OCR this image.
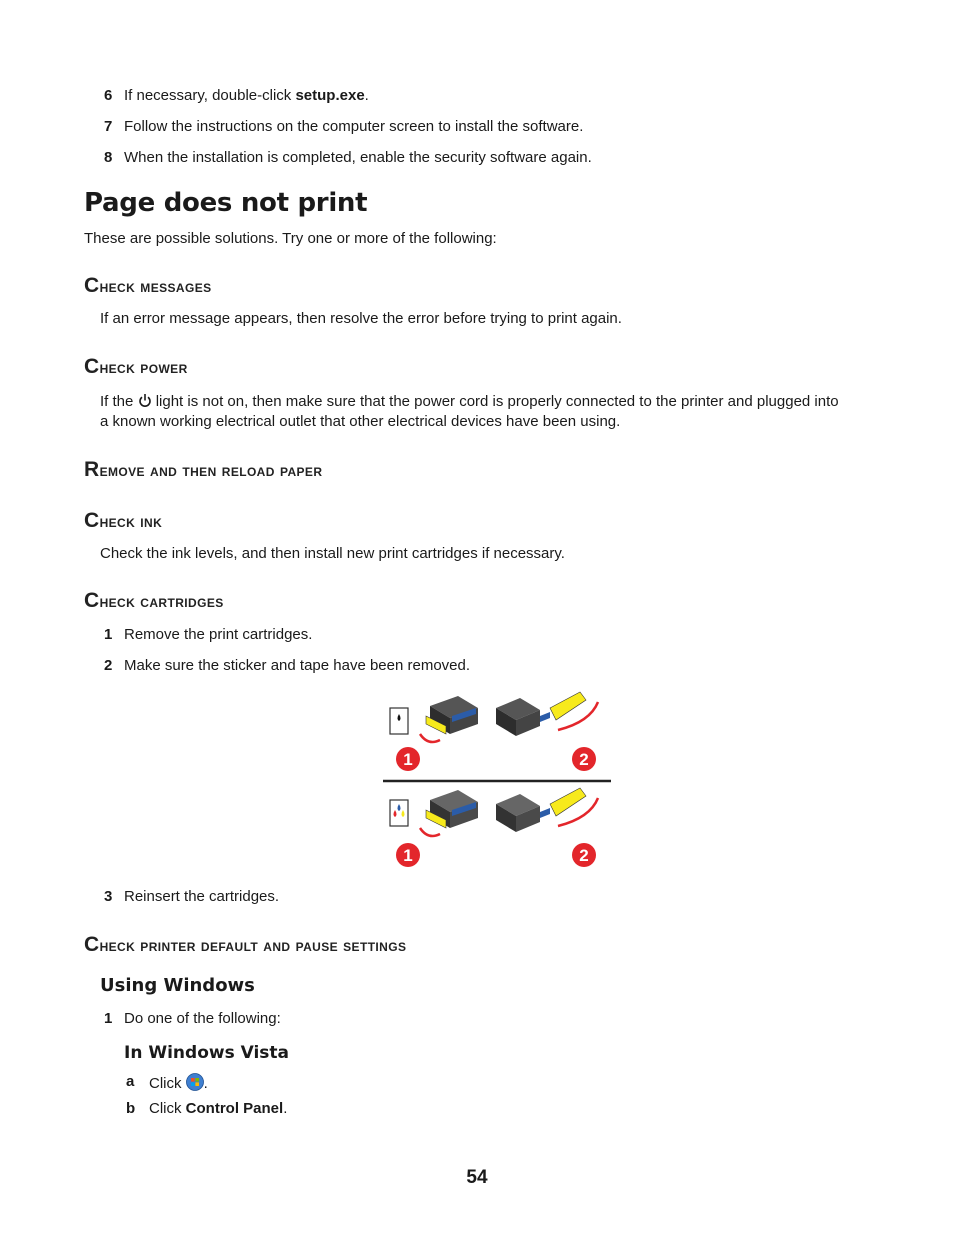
6 If necessary, double-click setup.exe.
7 Follow the instructions on the computer screen to install the software.
8 When the installation is completed, enable the security software again.
Page does not print
These are possible solutions. Try one or more of the following:
Check messages
If an error message appears, then resolve the error before trying to print again.
Check power
If the  light is not on, then make sure that the power cord is properly connected to the printer and plugged into
a known working electrical outlet that other electrical devices have been using.
Remove and then reload paper
Check ink
Check the ink levels, and then install new print cartridges if necessary.
Check cartridges
1 Remove the print cartridges.
2 Make sure the sticker and tape have been removed.
1	2
1	2
3 Reinsert the cartridges.
Check printer default and pause settings
Using Windows
1 Do one of the following:
In Windows Vista
a Click .
b Click Control Panel.
54
